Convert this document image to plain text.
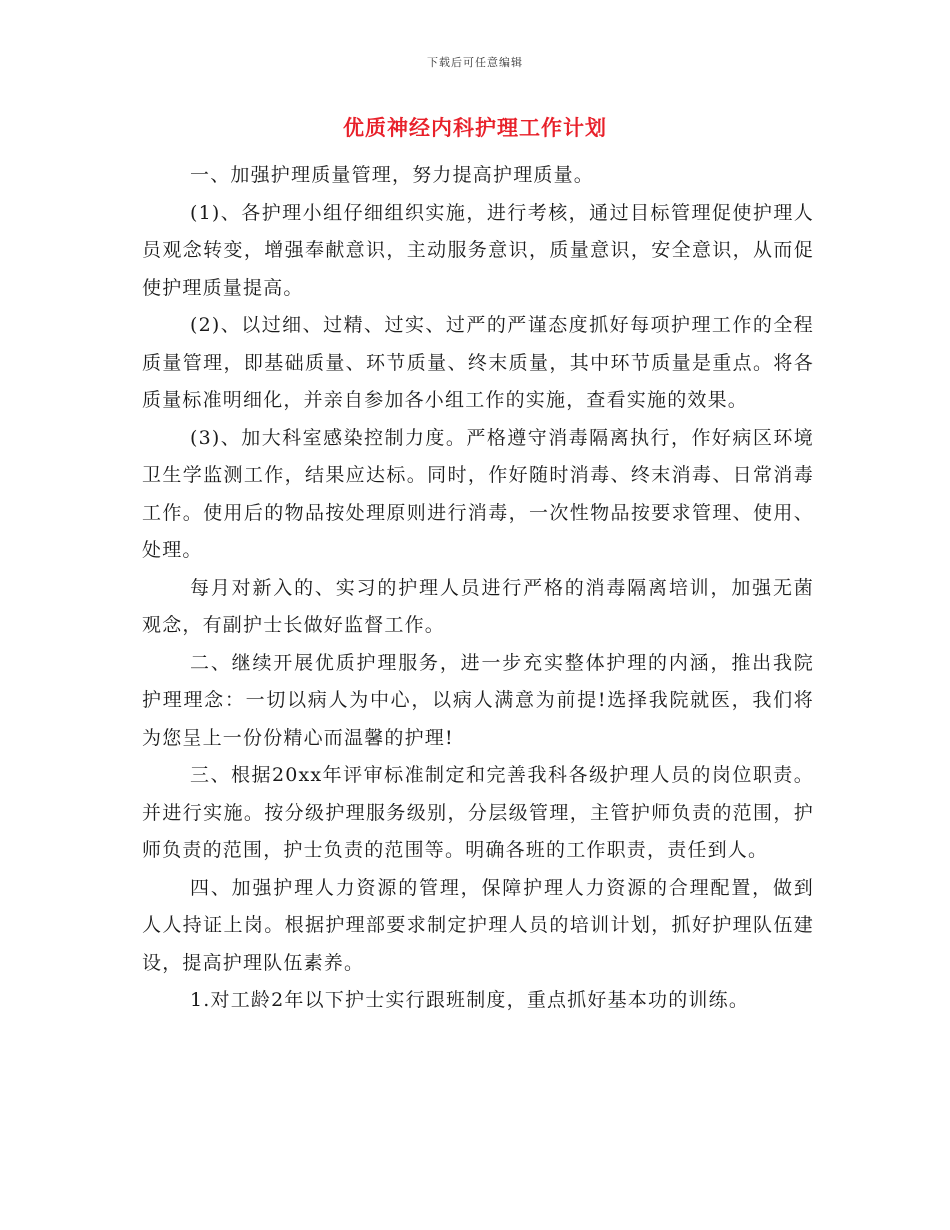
下载后可任意编辑
优质神经内科护理工作计划

一、加强护理质量管理，努力提高护理质量。

(1)、各护理小组仔细组织实施，进行考核，通过目标管理促使护理人员观念转变，增强奉献意识，主动服务意识，质量意识，安全意识，从而促使护理质量提高。

(2)、以过细、过精、过实、过严的严谨态度抓好每项护理工作的全程质量管理，即基础质量、环节质量、终末质量，其中环节质量是重点。将各质量标准明细化，并亲自参加各小组工作的实施，查看实施的效果。

(3)、加大科室感染控制力度。严格遵守消毒隔离执行，作好病区环境卫生学监测工作，结果应达标。同时，作好随时消毒、终末消毒、日常消毒工作。使用后的物品按处理原则进行消毒，一次性物品按要求管理、使用、处理。

每月对新入的、实习的护理人员进行严格的消毒隔离培训，加强无菌观念，有副护士长做好监督工作。

二、继续开展优质护理服务，进一步充实整体护理的内涵，推出我院护理理念：一切以病人为中心，以病人满意为前提!选择我院就医，我们将为您呈上一份份精心而温馨的护理!

三、根据20xx年评审标准制定和完善我科各级护理人员的岗位职责。并进行实施。按分级护理服务级别，分层级管理，主管护师负责的范围，护师负责的范围，护士负责的范围等。明确各班的工作职责，责任到人。

四、加强护理人力资源的管理，保障护理人力资源的合理配置，做到人人持证上岗。根据护理部要求制定护理人员的培训计划，抓好护理队伍建设，提高护理队伍素养。

1.对工龄2年以下护士实行跟班制度，重点抓好基本功的训练。
